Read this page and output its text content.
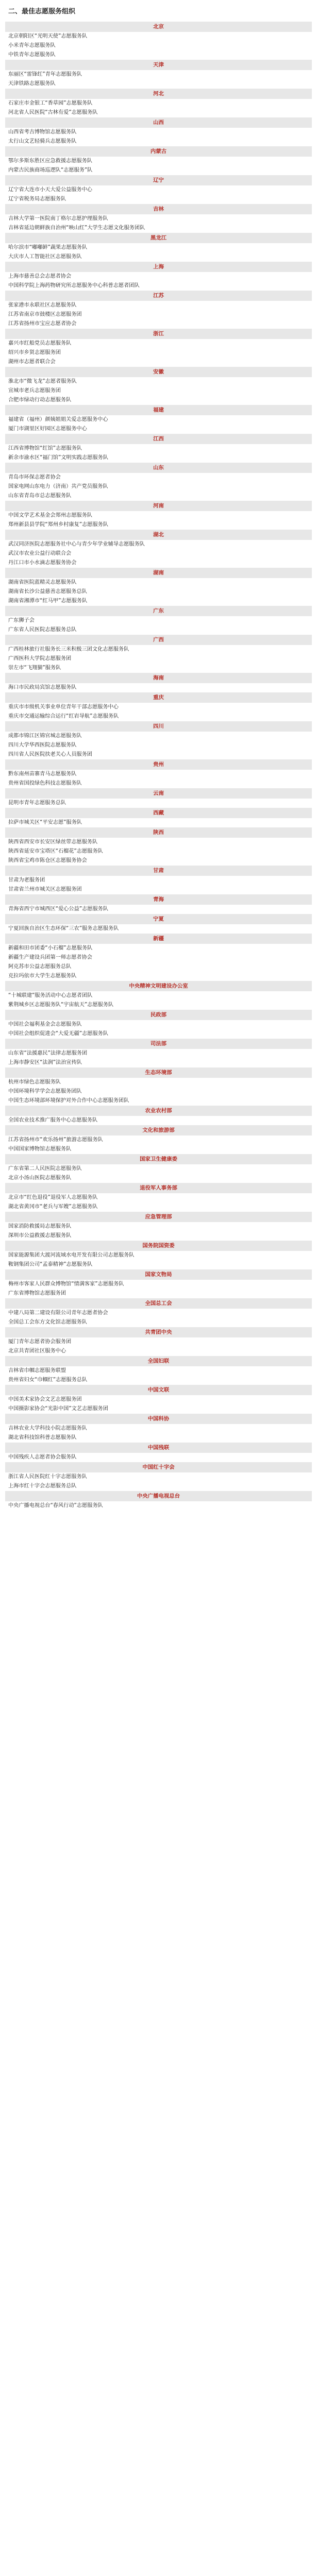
二、最佳志愿服务组织
北京
北京朝阳区“光明天使”志愿服务队
小米青年志愿服务队
中铁青年志愿服务队
天津
东丽区“雷锋红”青年志愿服务队
天津铁路志愿服务队
河北
石家庄市金银工“香草园”志愿服务队
河北省人民医院“古林有爱”志愿服务队
山西
山西省考古博物馆志愿服务队
太行山文艺轻骑兵志愿服务队
内蒙古
鄂尔多斯东胜区应急救援志愿服务队
内蒙古民族商场巡逻队“志愿服务”队
辽宁
辽宁省大连市小天大爱公益服务中心
辽宁省税务局志愿服务队
吉林
吉林大学第一医院南丁格尔志愿护理服务队
吉林省延边朝鲜族自治州“映山红”大学生志愿文化服务团队
黑龙江
哈尔滨市“嘟嘟鲜”蔬果志愿服务队
大庆市人工智能社区志愿服务队
上海
上海市慈善总会志愿者协会
中国科学院上海药物研究所志愿服务中心科普志愿者团队
江苏
张家港市永联社区志愿服务队
江苏省南京市鼓楼区志愿服务团
江苏省扬州市宝应志愿者协会
浙江
嘉兴市红船党员志愿服务队
绍兴市乡贤志愿服务团
湖州市志愿者联合会
安徽
淮北市“微飞龙”志愿者服务队
宣城市老兵志愿服务团
合肥市绿动行动志愿服务队
福建
福建省（福州）颜姨姐姐关爱志愿服务中心
厦门市湖里区好园区志愿服务中心
江西
江西省博物馆“红馆”志愿服务队
新余市渝水区“福门馆”文明实践志愿服务队
山东
青岛市环保志愿者协会
国家电网山东电力（济南）共产党员服务队
山东省青岛市总志愿服务队
河南
中国文学艺术基金会郑州志愿服务队
郑州新县县学院“郑州乡村康复”志愿服务队
湖北
武汉同济医院志愿服务社中心与青少年学业辅导志愿服务队
武汉市农业公益行动联合会
丹江口市小水滴志愿服务协会
湖南
湖南省医院蓝精灵志愿服务队
湖南省长沙公益慈善志愿服务总队
湖南省湘潭市“红马甲”志愿服务队
广东
广东狮子会
广东省人民医院志愿服务总队
广西
广西桂林旅行社服务长三米积极三团文化志愿服务队
广西医科大学院志愿服务团
崇左市“飞翔猫”服务队
海南
海口市民政局宾馆志愿服务队
重庆
重庆市市级机关事业单位青年干部志愿服务中心
重庆市交通运输综合运行“红岩导航”志愿服务队
四川
成都市锦江区锦官城志愿服务队
四川大学华西医院志愿服务队
四川省人民医院扶老关心人员服务团
贵州
黔东南州苗寨青马志愿服务队
贵州省国投绿色科技志愿服务队
云南
昆明市青年志愿服务总队
西藏
拉萨市城关区“平安志愿”服务队
陕西
陕西省西安市长安区绿丝带志愿服务队
陕西省延安市宝塔区“石榴花”志愿服务队
陕西省宝鸡市陈仓区志愿服务协会
甘肃
甘肃为老服务团
甘肃省兰州市城关区志愿服务团
青海
青海省西宁市城西区“爱心公益”志愿服务队
宁夏
宁夏回族自治区生态环保“三农”服务志愿服务队
新疆
新疆和田市团委“小石榴”志愿服务队
新疆生产建设兵团第一师志愿者协会
阿克苏市公益志愿服务总队
克拉玛依市大学生志愿服务队
中央精神文明建设办公室
“十城联建”服务活动中心志愿者团队
紫荆城乡区志愿服务队“宇宙航天”志愿服务队
民政部
中国社会福利基金会志愿服务队
中国社会组织促进会“大爱无疆”志愿服务队
司法部
山东省“法援惠民”法律志愿服务团
上海市静安区“法润”法治宣传队
生态环境部
杭州市绿色志愿服务队
中国环境科学学会志愿服务团队
中国生态环境部环境保护对外合作中心志愿服务团队
农业农村部
全国农业技术推广服务中心志愿服务队
文化和旅游部
江苏省扬州市“欢乐扬州”旅游志愿服务队
中国国家博物馆志愿服务队
国家卫生健康委
广东省第二人民医院志愿服务队
北京小汤山医院志愿服务队
退役军人事务部
北京市“红色退役”退役军人志愿服务队
湖北省黄冈市“老兵与军嫂”志愿服务队
应急管理部
国家消防救援局志愿服务队
深圳市公益救援志愿服务队
国务院国资委
国家能源集团大渡河流域水电开发有限公司志愿服务队
鞍钢集团公司“孟泰精神”志愿服务队
国家文物局
梅州市客家人民群众博物馆“情满客家”志愿服务队
广东省博物馆志愿服务团
全国总工会
中建八局第二建设有限公司青年志愿者协会
全国总工会东方文化馆志愿服务队
共青团中央
厦门青年志愿者协会服务团
北京共青团社区服务中心
全国妇联
吉林省巾帼志愿服务联盟
贵州省妇女“巾帼红”志愿服务总队
中国文联
中国美术家协会文艺志愿服务团
中国摄影家协会“光影中国”文艺志愿服务团
中国科协
吉林农业大学科技小院志愿服务队
湖北省科技馆科普志愿服务队
中国残联
中国残疾人志愿者协会服务队
中国红十字会
浙江省人民医院红十字志愿服务队
上海市红十字会志愿服务总队
中央广播电视总台
中央广播电视总台“春风行动”志愿服务队
